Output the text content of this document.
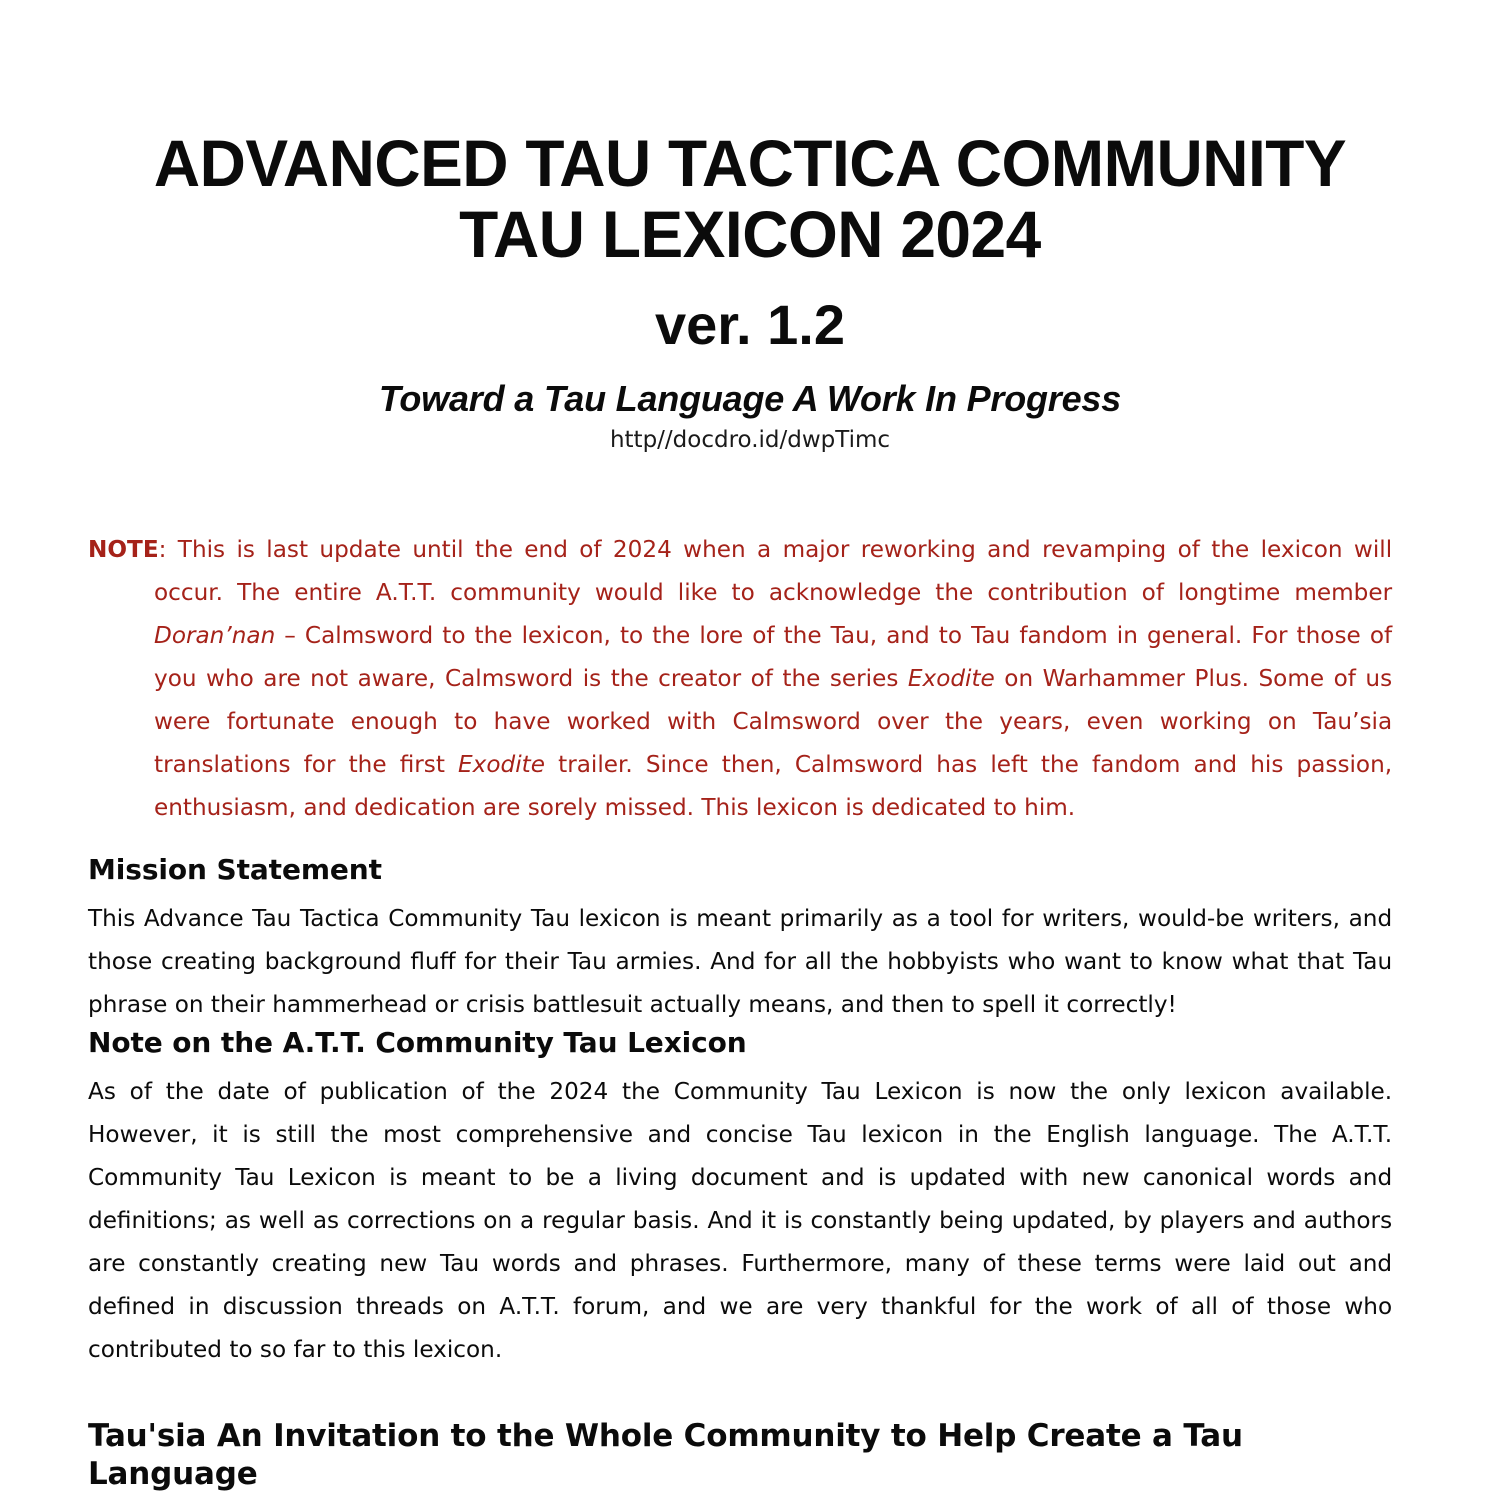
ADVANCED TAU TACTICA COMMUNITY
TAU LEXICON 2024
ver. 1.2
Toward a Tau Language A Work In Progress
http//docdro.id/dwpTimc

NOTE: This is last update until the end of 2024 when a major reworking and revamping of the lexicon will occur. The entire A.T.T. community would like to acknowledge the contribution of longtime member Doran’nan – Calmsword to the lexicon, to the lore of the Tau, and to Tau fandom in general. For those of you who are not aware, Calmsword is the creator of the series Exodite on Warhammer Plus. Some of us were fortunate enough to have worked with Calmsword over the years, even working on Tau’sia translations for the first Exodite trailer. Since then, Calmsword has left the fandom and his passion, enthusiasm, and dedication are sorely missed. This lexicon is dedicated to him.

Mission Statement

This Advance Tau Tactica Community Tau lexicon is meant primarily as a tool for writers, would-be writers, and those creating background fluff for their Tau armies. And for all the hobbyists who want to know what that Tau phrase on their hammerhead or crisis battlesuit actually means, and then to spell it correctly!

Note on the A.T.T. Community Tau Lexicon

As of the date of publication of the 2024 the Community Tau Lexicon is now the only lexicon available. However, it is still the most comprehensive and concise Tau lexicon in the English language. The A.T.T. Community Tau Lexicon is meant to be a living document and is updated with new canonical words and definitions; as well as corrections on a regular basis. And it is constantly being updated, by players and authors are constantly creating new Tau words and phrases. Furthermore, many of these terms were laid out and defined in discussion threads on A.T.T. forum, and we are very thankful for the work of all of those who contributed to so far to this lexicon.

Tau'sia An Invitation to the Whole Community to Help Create a Tau Language
